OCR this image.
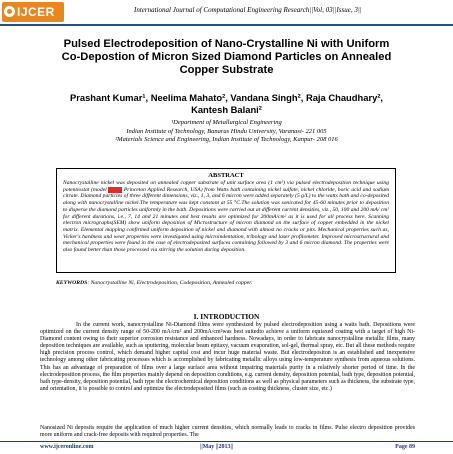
IJCER	International Journal of Computational Engineering Research||Vol, 03||Issue, 3||
Pulsed Electrodeposition of Nano-Crystalline Ni with Uniform
Co-Depostion of Micron Sized Diamond Particles on Annealed
Copper Substrate
Prashant Kumar¹, Neelima Mahato², Vandana Singh², Raja Chaudhary²,
Kantesh Balani²
¹Department of Metallurgical Engineering
Indian Institute of Technology, Banaras Hindu University, Varanasi- 221 005
²Materials Science and Engineering, Indian Institute of Technology, Kanpur- 208 016
ABSTRACT
Nanocrystalline nickel was deposited on annealed copper substrate of unit surface area (1 cm²) via pulsed electrodeposition technique using potentiostat (model XXXX Princeton Applied Research, USA) from Watts bath containing nickel sulfate, nickel chloride, boric acid and sodium citrate. Diamond particles of three different dimensions, viz., 1, 3, and 6 micron were added separately (5 g/L) to the watts bath and co-deposited along with nanocrystalline nickel.The temperature was kept constant at 55 °C.The solution was sonicated for 45-60 minutes prior to deposition to disperse the diamond particles uniformly in the bath. Depositions were carried out at different current densities, viz., 50, 100 and 200 mA/ cm² for different durations, i.e., 7, 14 and 21 minutes and best results are optimized for 200mA/cm² as it is used for all process here. Scanning electron micrographs(SEM) show uniform deposition of Microstructure of micron diamond on the surface of copper embedded in the nickel matrix. Elemental mapping confirmed uniform deposition of nickel and diamond with almost no cracks or pits. Mechanical properties such as, Vicker's hardness and wear properties were investigated using microindentation, tribology and laser profilometer. Improved microstructural and mechanical properties were found in the case of electrodeposited surfaces containing followed by 3 and 6 micron diamond. The properties were also found better than those processed via stirring the solution during deposition.
KEYWORDS: Nanocrystalline Ni, Electrodeposition, Codeposition, Annealed copper.
I. INTRODUCTION
In the current work, nanocrystalline Ni-Diamond films were synthesized by pulsed electrodeposition using a watts bath. Depositions were optimized on the current density range of 50-200 mA/cm² and 200mA/cm²was best suitedto achieve a uniform equiaxed coating with a target of high Ni-Diamond content owing to their superior corrosion resistance and enhanced hardness. Nowadays, in order to fabricate nanocrystalline metallic films, many deposition techniques are available, such as sputtering, molecular beam epitaxy, vacuum evaporation, sol-gel, thermal spray, etc. But all these methods require high precision process control, which demand higher capital cost and incur huge material waste. But electrodepositon is an established and inexpensive technology among other fabricating processes which is accomplished by fabricating metallic alloys using low-temperature synthesis from aqueous solutions. This has an advantage of preparation of films over a large surface area without impairing materials purity in a relatively shorter period of time. In the electrodeposition process, the film properties mainly depend on deposition conditions, e.g. current density, deposition potential, bath type, deposition potential, bath type-density, deposition potential, bath type the electrochemical deposition conditions as well as physical parameters such as thickness, the substrate type, and orientation, it is possible to control and optimize the electrodeposited films (such as coating thickness, cluster size, etc.)
Nanosized Ni deposits require the application of much higher current densities, which normally leads to cracks in films. Pulse electro deposition provides more uniform and crack-free deposits with required properties. The
www.ijceronline.com	||May ||2013||	Page 89
